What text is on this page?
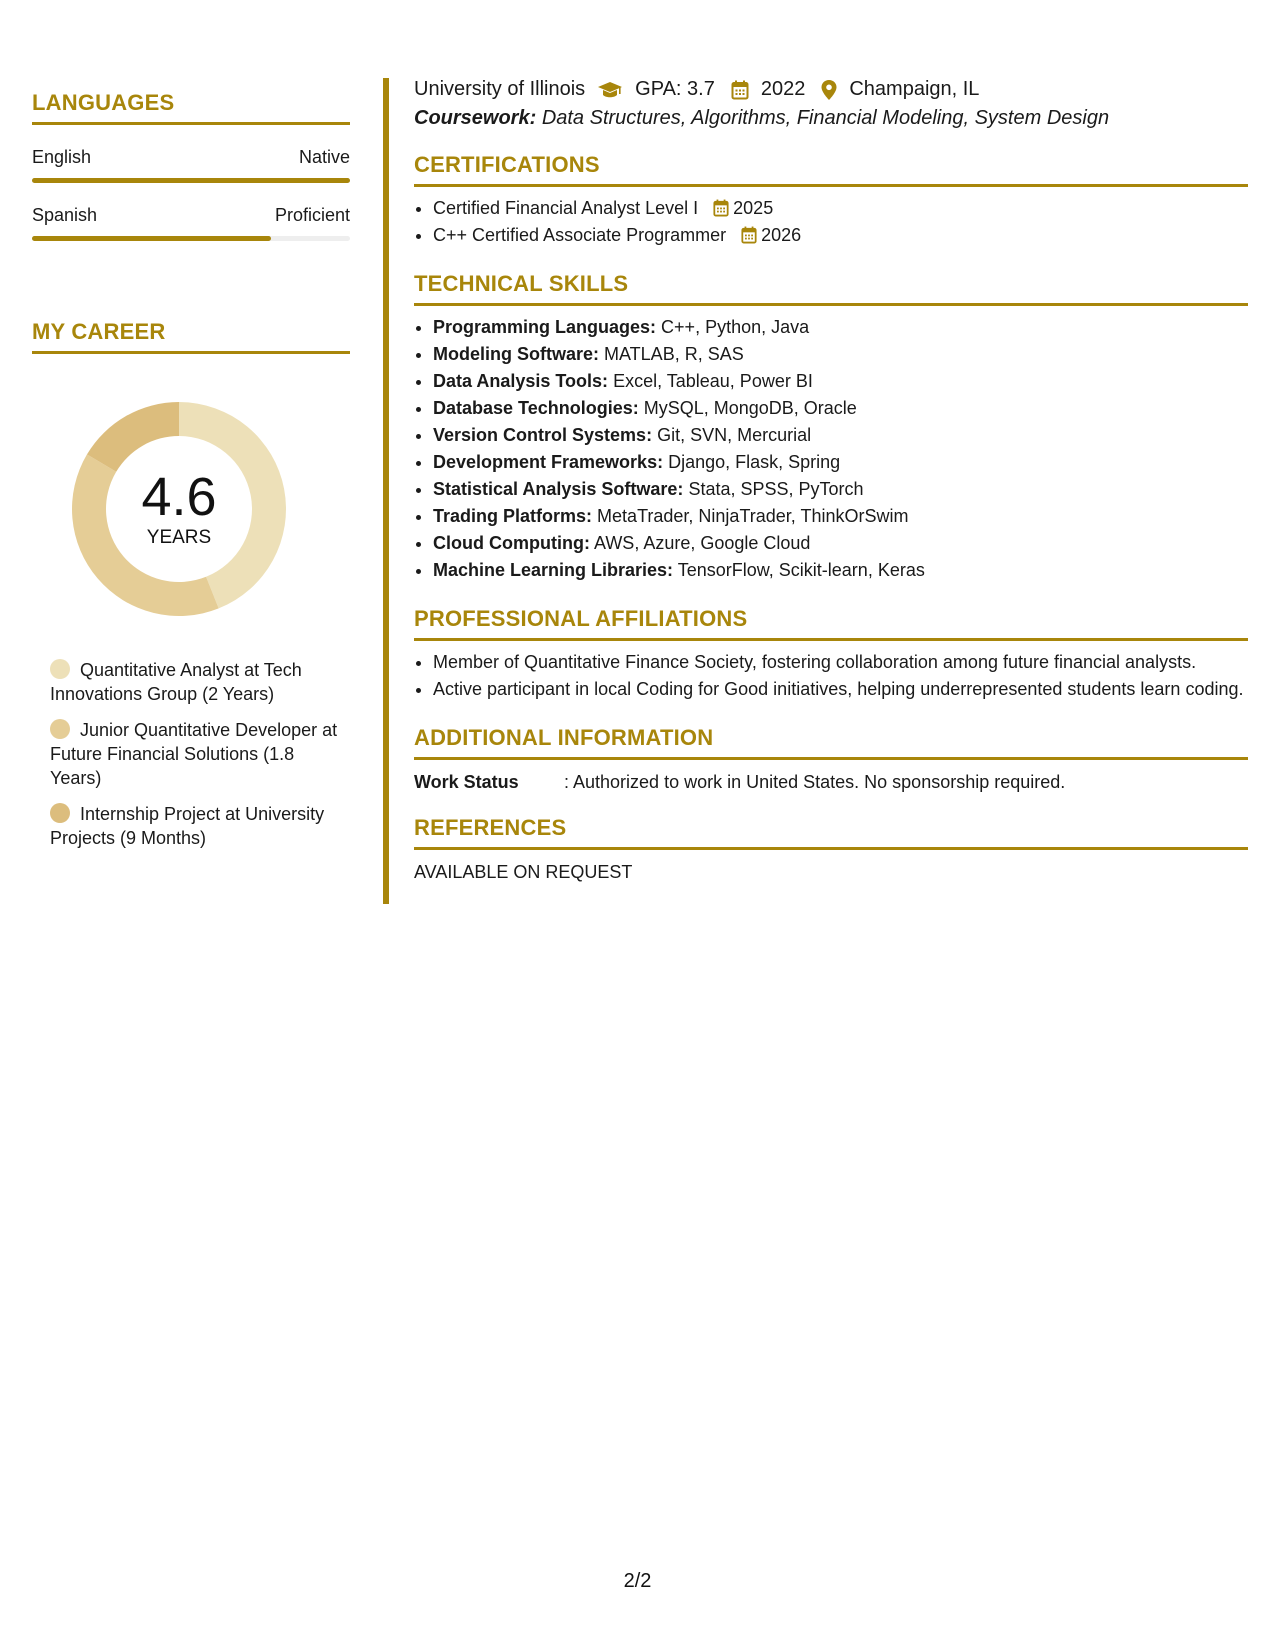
LANGUAGES
English	Native
Spanish	Proficient
MY CAREER
4.6
YEARS
Quantitative Analyst at Tech Innovations Group (2 Years)
Junior Quantitative Developer at Future Financial Solutions (1.8 Years)
Internship Project at University Projects (9 Months)
University of Illinois	GPA: 3.7 2022 Champaign, IL
Coursework: Data Structures, Algorithms, Financial Modeling, System Design
CERTIFICATIONS
• Certified Financial Analyst Level I 2025
• C++ Certified Associate Programmer 2026
TECHNICAL SKILLS
• Programming Languages: C++, Python, Java
• Modeling Software: MATLAB, R, SAS
• Data Analysis Tools: Excel, Tableau, Power BI
• Database Technologies: MySQL, MongoDB, Oracle
• Version Control Systems: Git, SVN, Mercurial
• Development Frameworks: Django, Flask, Spring
• Statistical Analysis Software: Stata, SPSS, PyTorch
• Trading Platforms: MetaTrader, NinjaTrader, ThinkOrSwim
• Cloud Computing: AWS, Azure, Google Cloud
• Machine Learning Libraries: TensorFlow, Scikit-learn, Keras
PROFESSIONAL AFFILIATIONS
• Member of Quantitative Finance Society, fostering collaboration among future financial analysts.
• Active participant in local Coding for Good initiatives, helping underrepresented students learn coding.
ADDITIONAL INFORMATION
Work Status	: Authorized to work in United States. No sponsorship required.
REFERENCES
AVAILABLE ON REQUEST
2/2
